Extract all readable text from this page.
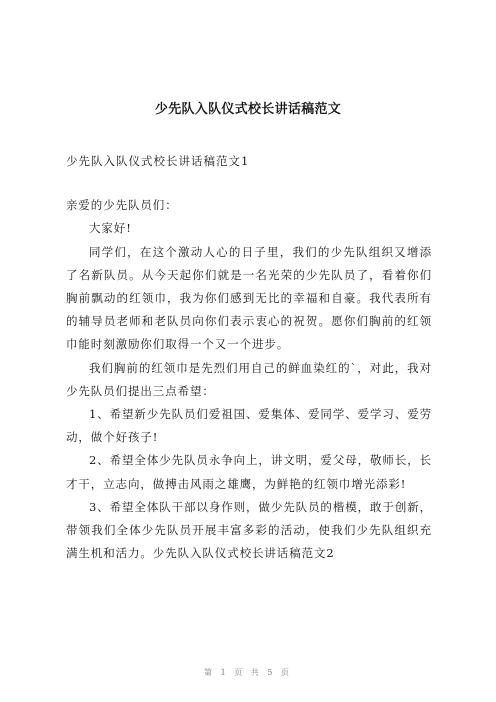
少先队入队仪式校长讲话稿范文

少先队入队仪式校长讲话稿范文1

亲爱的少先队员们：

大家好!

同学们，在这个激动人心的日子里，我们的少先队组织又增添了名新队员。从今天起你们就是一名光荣的少先队员了，看着你们胸前飘动的红领巾，我为你们感到无比的幸福和自豪。我代表所有的辅导员老师和老队员向你们表示衷心的祝贺。愿你们胸前的红领巾能时刻激励你们取得一个又一个进步。

我们胸前的红领巾是先烈们用自己的鲜血染红的`，对此，我对少先队员们提出三点希望：

1、希望新少先队员们爱祖国、爱集体、爱同学、爱学习、爱劳动，做个好孩子!

2、希望全体少先队员永争向上，讲文明，爱父母，敬师长，长才干，立志向，做搏击风雨之雄鹰，为鲜艳的红领巾增光添彩!

3、希望全体队干部以身作则，做少先队员的楷模，敢于创新，带领我们全体少先队员开展丰富多彩的活动，使我们少先队组织充满生机和活力。少先队入队仪式校长讲话稿范文2

第 1 页 共 5 页
